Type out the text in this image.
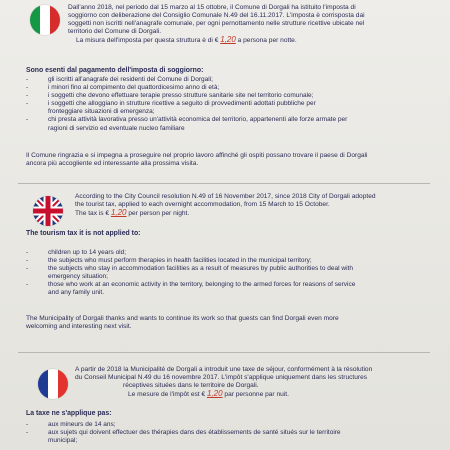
Dall'anno 2018, nel periodo dal 15 marzo al 15 ottobre, il Comune di Dorgali ha istituito l'imposta di
soggiorno con deliberazione del Consiglio Comunale N.49 del 16.11.2017. L'imposta è corrisposta dai
soggetti non iscritti nell'anagrafe comunale, per ogni pernottamento nelle strutture ricettive ubicate nel
territorio del Comune di Dorgali.
La misura dell'imposta per questa struttura è di € 1,20 a persona per notte.
Sono esenti dal pagamento dell'imposta di soggiorno:
-	gli iscritti all'anagrafe dei residenti del Comune di Dorgali;
-	i minori fino al compimento del quattordicesimo anno di età;
-	i soggetti che devono effettuare terapie presso strutture sanitarie site nel territorio comunale;
-	i soggetti che alloggiano in strutture ricettive a seguito di provvedimenti adottati pubbliche per
fronteggiare situazioni di emergenza;
-	chi presta attività lavorativa presso un'attività economica del territorio, appartenenti alle forze armate per
ragioni di servizio ed eventuale nucleo familiare
Il Comune ringrazia e si impegna a proseguire nel proprio lavoro affinché gli ospiti possano trovare il paese di Dorgali
ancora più accogliente ed interessante alla prossima visita.
According to the City Council resolution N.49 of 16 November 2017, since 2018 City of Dorgali adopted
the tourist tax, applied to each overnight accommodation, from 15 March to 15 October.
The tax is € 1,20 per person per night.
The tourism tax it is not applied to:
-	children up to 14 years old;
-	the subjects who must perform therapies in health facilities located in the municipal territory;
-	the subjects who stay in accommodation facilities as a result of measures by public authorities to deal with
emergency situation;
-	those who work at an economic activity in the territory, belonging to the armed forces for reasons of service
and any family unit.
The Municipality of Dorgali thanks and wants to continue its work so that guests can find Dorgali even more
welcoming and interesting next visit.
A partir de 2018 la Municipalité de Dorgali a introduit une taxe de séjour, conformément à la résolution
du Conseil Municipal N.49 du 16 novembre 2017. L'impôt s'applique uniquement dans les structures
réceptives situées dans le territoire de Dorgali.
Le mesure de l'impôt est € 1,20 par personne par nuit.
La taxe ne s'applique pas:
-	aux mineurs de 14 ans;
-	aux sujets qui doivent effectuer des thérapies dans des établissements de santé situés sur le territoire
municipal;
